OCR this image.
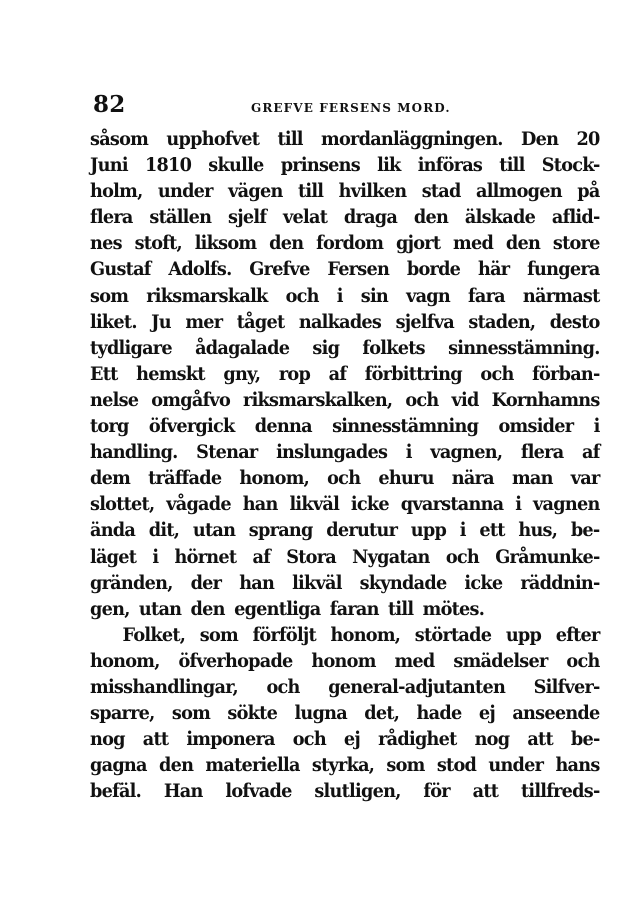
82	GREFVE FERSENS MORD.
såsom upphofvet till mordanläggningen. Den 20
Juni 1810 skulle prinsens lik införas till Stock-
holm, under vägen till hvilken stad allmogen på
flera ställen sjelf velat draga den älskade aflid-
nes stoft, liksom den fordom gjort med den store
Gustaf Adolfs. Grefve Fersen borde här fungera
som riksmarskalk och i sin vagn fara närmast
liket. Ju mer tåget nalkades sjelfva staden, desto
tydligare ådagalade sig folkets sinnesstämning.
Ett hemskt gny, rop af förbittring och förban-
nelse omgåfvo riksmarskalken, och vid Kornhamns
torg öfvergick denna sinnesstämning omsider i
handling. Stenar inslungades i vagnen, flera af
dem träffade honom, och ehuru nära man var
slottet, vågade han likväl icke qvarstanna i vagnen
ända dit, utan sprang derutur upp i ett hus, be-
läget i hörnet af Stora Nygatan och Gråmunke-
gränden, der han likväl skyndade icke räddnin-
gen, utan den egentliga faran till mötes.
Folket, som förföljt honom, störtade upp efter
honom, öfverhopade honom med smädelser och
misshandlingar, och general-adjutanten Silfver-
sparre, som sökte lugna det, hade ej anseende
nog att imponera och ej rådighet nog att be-
gagna den materiella styrka, som stod under hans
befäl. Han lofvade slutligen, för att tillfreds-
